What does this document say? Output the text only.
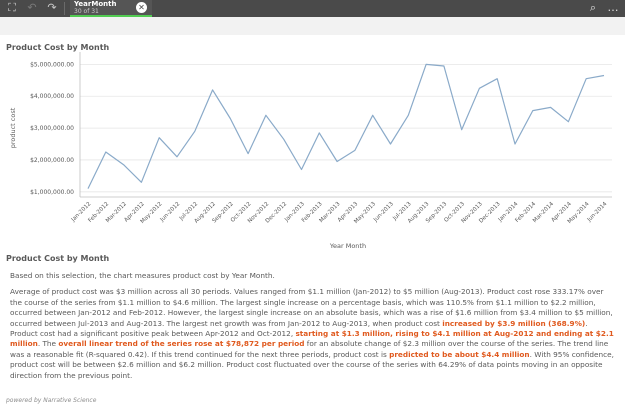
⛶	↶ ↷	YearMonth
30 of 31	✕	⌕	…
Product Cost by Month
product cost
Year Month
$1,000,000.00
$2,000,000.00
$3,000,000.00
$4,000,000.00
$5,000,000.00
Jan-2012
Feb-2012
Mar-2012
Apr-2012
May-2012
Jun-2012
Jul-2012
Aug-2012
Sep-2012
Oct-2012
Nov-2012
Dec-2012
Jan-2013
Feb-2013
Mar-2013
Apr-2013
May-2013
Jun-2013
Jul-2013
Aug-2013
Sep-2013
Oct-2013
Nov-2013
Dec-2013
Jan-2014
Feb-2014
Mar-2014
Apr-2014
May-2014
Jun-2014
Product Cost by Month

Based on this selection, the chart measures product cost by Year Month.

Average of product cost was $3 million across all 30 periods. Values ranged from $1.1 million (Jan-2012) to $5 million (Aug-2013). Product cost rose 333.17% over the course of the series from $1.1 million to $4.6 million. The largest single increase on a percentage basis, which was 110.5% from $1.1 million to $2.2 million, occurred between Jan-2012 and Feb-2012. However, the largest single increase on an absolute basis, which was a rise of $1.6 million from $3.4 million to $5 million, occurred between Jul-2013 and Aug-2013. The largest net growth was from Jan-2012 to Aug-2013, when product cost increased by $3.9 million (368.9%). Product cost had a significant positive peak between Apr-2012 and Oct-2012, starting at $1.3 million, rising to $4.1 million at Aug-2012 and ending at $2.1 million. The overall linear trend of the series rose at $78,872 per period for an absolute change of $2.3 million over the course of the series. The trend line was a reasonable fit (R-squared 0.42). If this trend continued for the next three periods, product cost is predicted to be about $4.4 million. With 95% confidence, product cost will be between $2.6 million and $6.2 million. Product cost fluctuated over the course of the series with 64.29% of data points moving in an opposite direction from the previous point.

powered by Narrative Science
